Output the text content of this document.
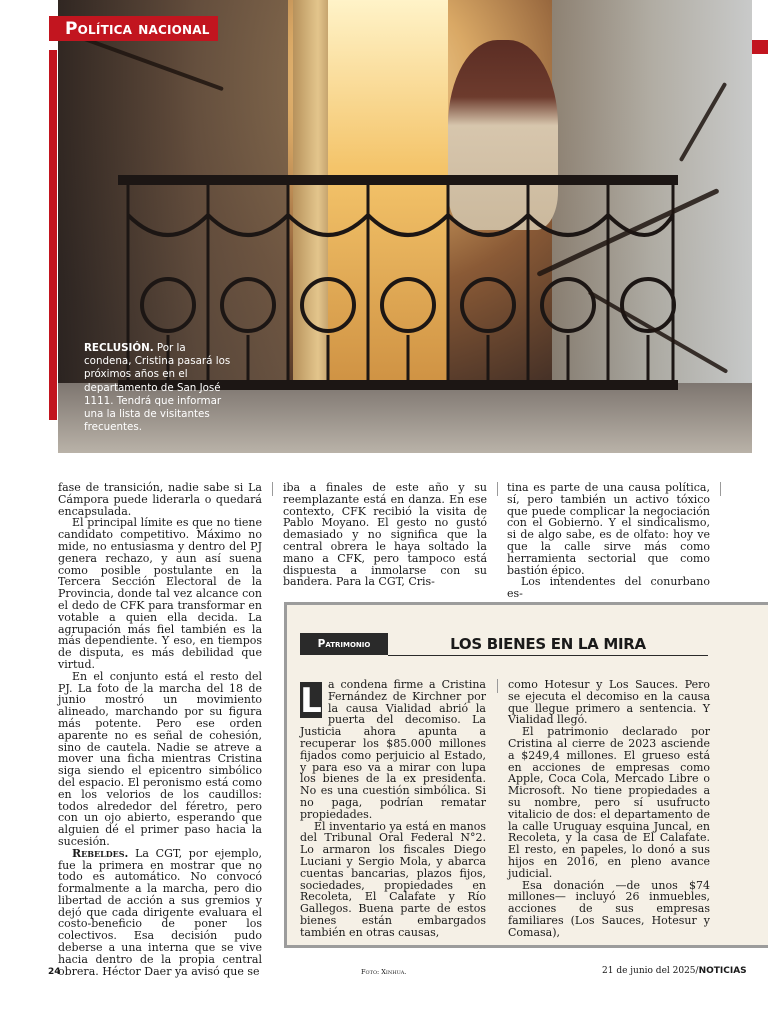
Política nacional
RECLUSIÓN. Por la condena, Cristina pasará los próximos años en el departamento de San José 1111. Tendrá que informar una la lista de visitantes frecuentes.

fase de transición, nadie sabe si La Cámpora puede liderarla o quedará encapsulada.

El principal límite es que no tiene candidato competitivo. Máximo no mide, no entusiasma y dentro del PJ genera rechazo, y aun así suena como posible postulante en la Tercera Sección Electoral de la Provincia, donde tal vez alcance con el dedo de CFK para transformar en votable a quien ella decida. La agrupación más fiel también es la más dependiente. Y eso, en tiempos de disputa, es más debilidad que virtud.

En el conjunto está el resto del PJ. La foto de la marcha del 18 de junio mostró un movimiento alineado, marchando por su figura más potente. Pero ese orden aparente no es señal de cohesión, sino de cautela. Nadie se atreve a mover una ficha mientras Cristina siga siendo el epicentro simbólico del espacio. El peronismo está como en los velorios de los caudillos: todos alrededor del féretro, pero con un ojo abierto, esperando que alguien dé el primer paso hacia la sucesión.

Rebeldes. La CGT, por ejemplo, fue la primera en mostrar que no todo es automático. No convocó formalmente a la marcha, pero dio libertad de acción a sus gremios y dejó que cada dirigente evaluara el costo-beneficio de poner los colectivos. Esa decisión pudo deberse a una interna que se vive hacia dentro de la propia central obrera. Héctor Daer ya avisó que se

iba a finales de este año y su reemplazante está en danza. En ese contexto, CFK recibió la visita de Pablo Moyano. El gesto no gustó demasiado y no significa que la central obrera le haya soltado la mano a CFK, pero tampoco está dispuesta a inmolarse con su bandera. Para la CGT, Cris-

tina es parte de una causa política, sí, pero también un activo tóxico que puede complicar la negociación con el Gobierno. Y el sindicalismo, si de algo sabe, es de olfato: hoy ve que la calle sirve más como herramienta sectorial que como bastión épico.

Los intendentes del conurbano es-

Patrimonio	LOS BIENES EN LA MIRA

L a condena firme a Cristina Fernández de Kirchner por la causa Vialidad abrió la puerta del decomiso. La Justicia ahora apunta a recuperar los $85.000 millones fijados como perjuicio al Estado, y para eso va a mirar con lupa los bienes de la ex presidenta. No es una cuestión simbólica. Si no paga, podrían rematar propiedades.

El inventario ya está en manos del Tribunal Oral Federal N°2. Lo armaron los fiscales Diego Luciani y Sergio Mola, y abarca cuentas bancarias, plazos fijos, sociedades, propiedades en Recoleta, El Calafate y Río Gallegos. Buena parte de estos bienes están embargados también en otras causas,

como Hotesur y Los Sauces. Pero se ejecuta el decomiso en la causa que llegue primero a sentencia. Y Vialidad llegó.

El patrimonio declarado por Cristina al cierre de 2023 asciende a $249,4 millones. El grueso está en acciones de empresas como Apple, Coca Cola, Mercado Libre o Microsoft. No tiene propiedades a su nombre, pero sí usufructo vitalicio de dos: el departamento de la calle Uruguay esquina Juncal, en Recoleta, y la casa de El Calafate. El resto, en papeles, lo donó a sus hijos en 2016, en pleno avance judicial.

Esa donación —de unos $74 millones— incluyó 26 inmuebles, acciones de sus empresas familiares (Los Sauces, Hotesur y Comasa),

24	Foto: Xinhua.	21 de junio del 2025/NOTICIAS
